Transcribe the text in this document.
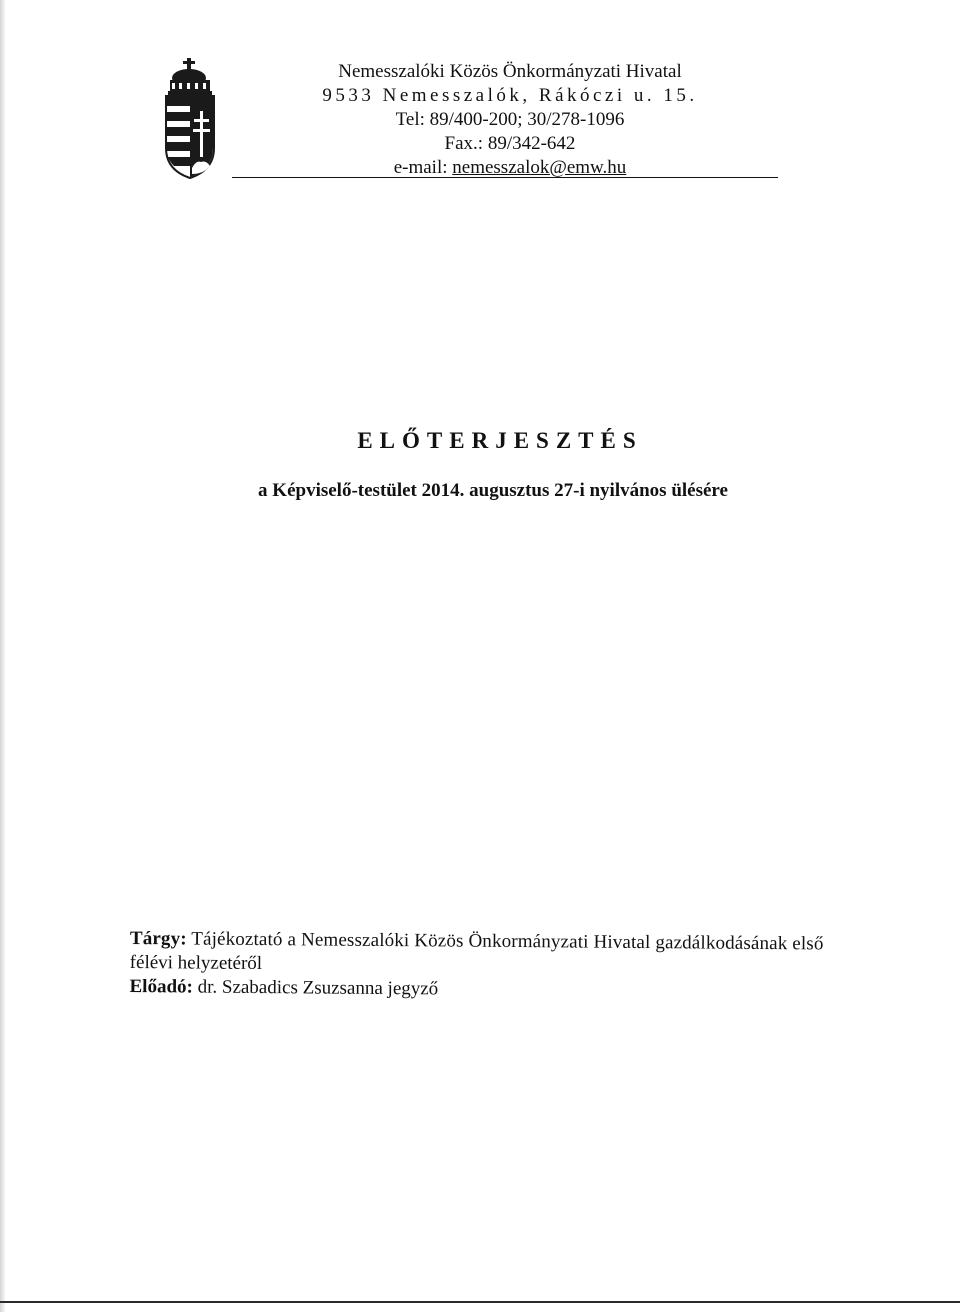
Nemesszalóki Közös Önkormányzati Hivatal
9533 Nemesszalók, Rákóczi u. 15.
Tel: 89/400-200; 30/278-1096
Fax.: 89/342-642
e-mail: nemesszalok@emw.hu
ELŐTERJESZTÉS
a Képviselő-testület 2014. augusztus 27-i nyilvános ülésére
Tárgy: Tájékoztató a Nemesszalóki Közös Önkormányzati Hivatal gazdálkodásának első
félévi helyzetéről
Előadó: dr. Szabadics Zsuzsanna jegyző
